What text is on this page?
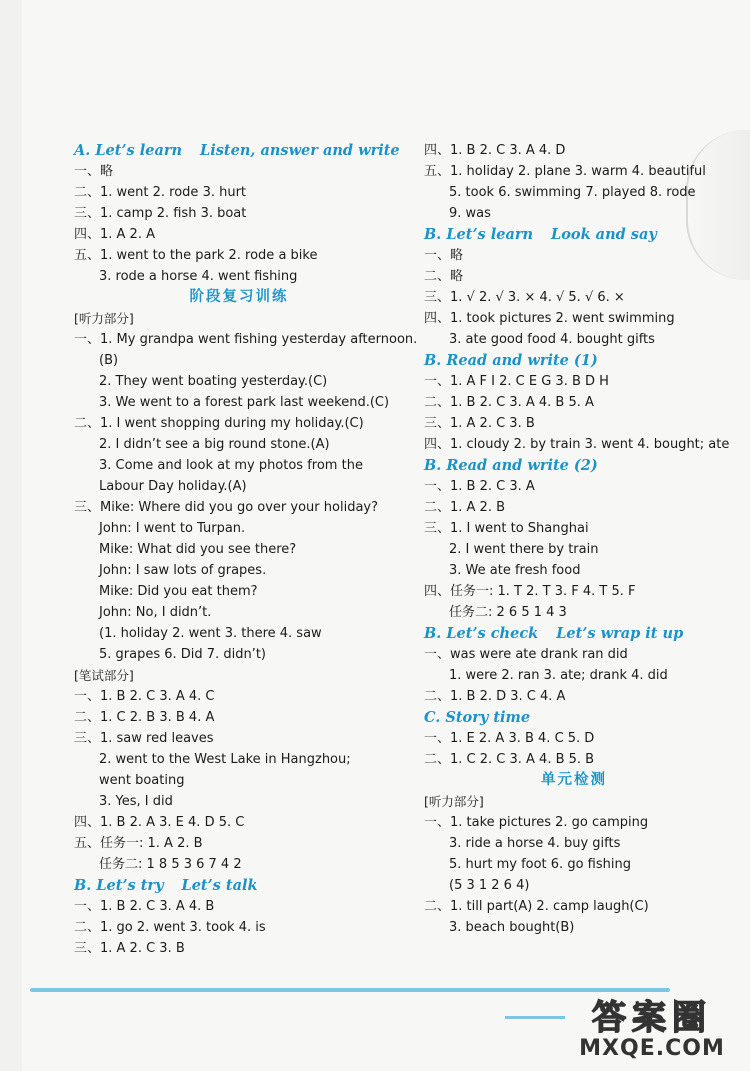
A. Let’s learn Listen, answer and write
一、略
二、1. went 2. rode 3. hurt
三、1. camp 2. fish 3. boat
四、1. A 2. A
五、1. went to the park 2. rode a bike
3. rode a horse 4. went fishing
阶段复习训练
[听力部分]
一、1. My grandpa went fishing yesterday afternoon.
(B)
2. They went boating yesterday.(C)
3. We went to a forest park last weekend.(C)
二、1. I went shopping during my holiday.(C)
2. I didn’t see a big round stone.(A)
3. Come and look at my photos from the
Labour Day holiday.(A)
三、Mike: Where did you go over your holiday?
John: I went to Turpan.
Mike: What did you see there?
John: I saw lots of grapes.
Mike: Did you eat them?
John: No, I didn’t.
(1. holiday 2. went 3. there 4. saw
5. grapes 6. Did 7. didn’t)
[笔试部分]
一、1. B 2. C 3. A 4. C
二、1. C 2. B 3. B 4. A
三、1. saw red leaves
2. went to the West Lake in Hangzhou;
went boating
3. Yes, I did
四、1. B 2. A 3. E 4. D 5. C
五、任务一: 1. A 2. B
任务二: 1 8 5 3 6 7 4 2
B. Let’s try Let’s talk
一、1. B 2. C 3. A 4. B
二、1. go 2. went 3. took 4. is
三、1. A 2. C 3. B
四、1. B 2. C 3. A 4. D
五、1. holiday 2. plane 3. warm 4. beautiful
5. took 6. swimming 7. played 8. rode
9. was
B. Let’s learn Look and say
一、略
二、略
三、1. √ 2. √ 3. × 4. √ 5. √ 6. ×
四、1. took pictures 2. went swimming
3. ate good food 4. bought gifts
B. Read and write (1)
一、1. A F I 2. C E G 3. B D H
二、1. B 2. C 3. A 4. B 5. A
三、1. A 2. C 3. B
四、1. cloudy 2. by train 3. went 4. bought; ate
B. Read and write (2)
一、1. B 2. C 3. A
二、1. A 2. B
三、1. I went to Shanghai
2. I went there by train
3. We ate fresh food
四、任务一: 1. T 2. T 3. F 4. T 5. F
任务二: 2 6 5 1 4 3
B. Let’s check Let’s wrap it up
一、was were ate drank ran did
1. were 2. ran 3. ate; drank 4. did
二、1. B 2. D 3. C 4. A
C. Story time
一、1. E 2. A 3. B 4. C 5. D
二、1. C 2. C 3. A 4. B 5. B
单元检测
[听力部分]
一、1. take pictures 2. go camping
3. ride a horse 4. buy gifts
5. hurt my foot 6. go fishing
(5 3 1 2 6 4)
二、1. till part(A) 2. camp laugh(C)
3. beach bought(B)
答案圈
MXQE.COM
